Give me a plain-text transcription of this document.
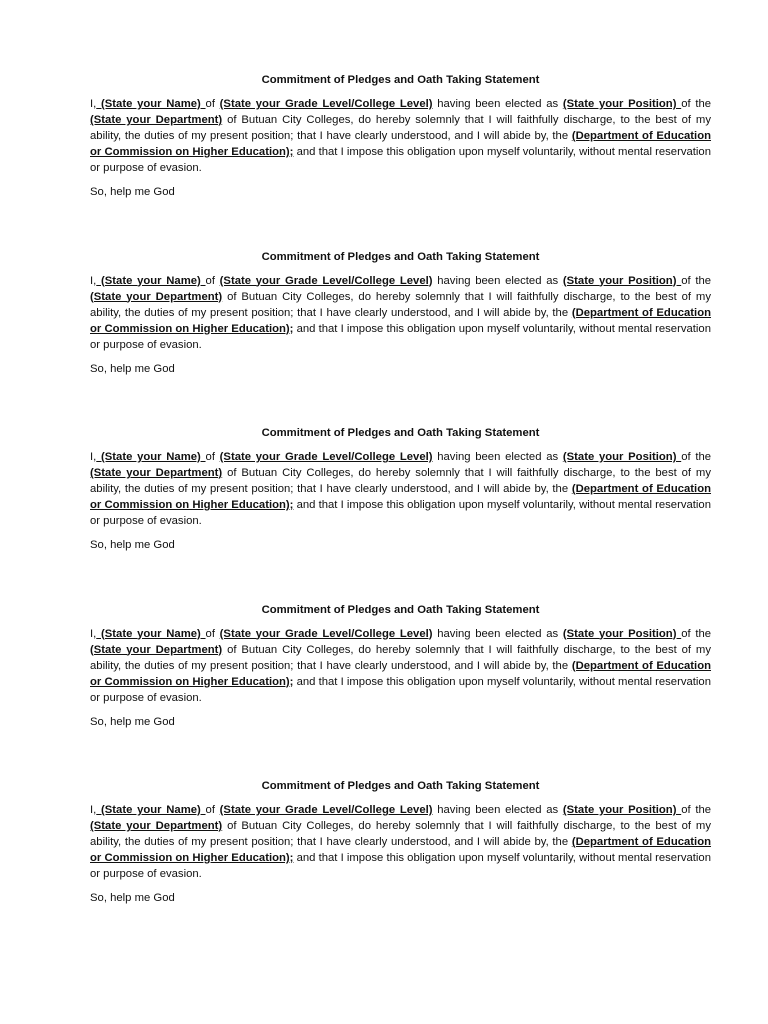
Commitment of Pledges and Oath Taking Statement
I, (State your Name) of (State your Grade Level/College Level) having been elected as (State your Position) of the (State your Department) of Butuan City Colleges, do hereby solemnly that I will faithfully discharge, to the best of my ability, the duties of my present position; that I have clearly understood, and I will abide by, the (Department of Education or Commission on Higher Education); and that I impose this obligation upon myself voluntarily, without mental reservation or purpose of evasion.
So, help me God
Commitment of Pledges and Oath Taking Statement
I, (State your Name) of (State your Grade Level/College Level) having been elected as (State your Position) of the (State your Department) of Butuan City Colleges, do hereby solemnly that I will faithfully discharge, to the best of my ability, the duties of my present position; that I have clearly understood, and I will abide by, the (Department of Education or Commission on Higher Education); and that I impose this obligation upon myself voluntarily, without mental reservation or purpose of evasion.
So, help me God
Commitment of Pledges and Oath Taking Statement
I, (State your Name) of (State your Grade Level/College Level) having been elected as (State your Position) of the (State your Department) of Butuan City Colleges, do hereby solemnly that I will faithfully discharge, to the best of my ability, the duties of my present position; that I have clearly understood, and I will abide by, the (Department of Education or Commission on Higher Education); and that I impose this obligation upon myself voluntarily, without mental reservation or purpose of evasion.
So, help me God
Commitment of Pledges and Oath Taking Statement
I, (State your Name) of (State your Grade Level/College Level) having been elected as (State your Position) of the (State your Department) of Butuan City Colleges, do hereby solemnly that I will faithfully discharge, to the best of my ability, the duties of my present position; that I have clearly understood, and I will abide by, the (Department of Education or Commission on Higher Education); and that I impose this obligation upon myself voluntarily, without mental reservation or purpose of evasion.
So, help me God
Commitment of Pledges and Oath Taking Statement
I, (State your Name) of (State your Grade Level/College Level) having been elected as (State your Position) of the (State your Department) of Butuan City Colleges, do hereby solemnly that I will faithfully discharge, to the best of my ability, the duties of my present position; that I have clearly understood, and I will abide by, the (Department of Education or Commission on Higher Education); and that I impose this obligation upon myself voluntarily, without mental reservation or purpose of evasion.
So, help me God
